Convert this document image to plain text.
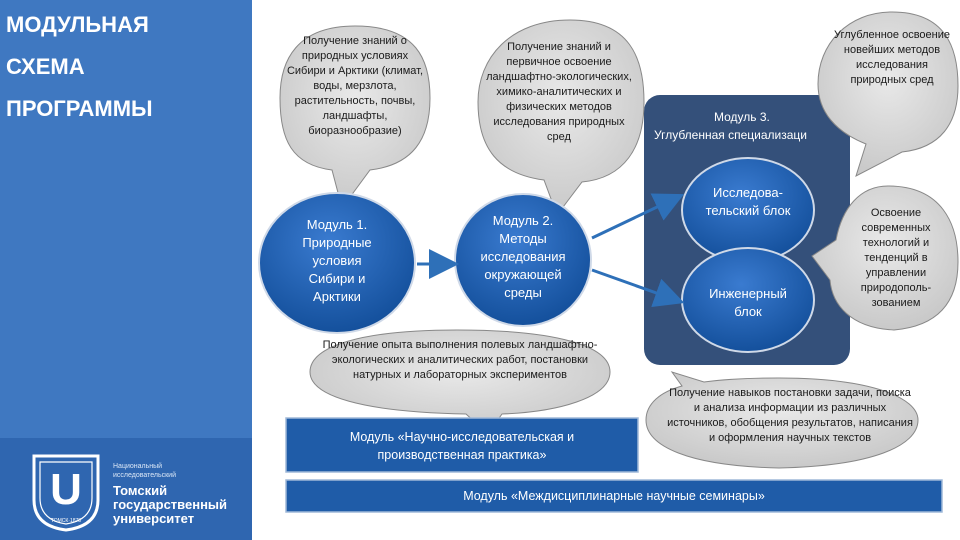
МОДУЛЬНАЯ
СХЕМА
ПРОГРАММЫ
U
ТОМСК·1878
Национальный
исследовательский
Томский
государственный
университет
Получение знаний о природных условиях Сибири и Арктики (климат, воды, мерзлота, растительность, почвы, ландшафты, биоразнообразие)
Получение знаний и первичное освоение ландшафтно-экологических, химико-аналитических и физических методов исследования природных сред
Углубленное освоение новейших методов исследования природных сред
Освоение современных технологий и тенденций в управлении природополь-зованием
Получение опыта выполнения полевых ландшафтно-экологических и аналитических работ, постановки натурных и лабораторных экспериментов
Получение навыков постановки задачи, поиска и анализа информации из различных источников, обобщения результатов, написания и оформления научных текстов
Модуль 1. Природные условия Сибири и Арктики
Модуль 2. Методы исследования окружающей среды
Исследова-тельский блок
Инженерный блок
Модуль 3.
Углубленная специализаци
Модуль «Научно-исследовательская и производственная практика»
Модуль «Междисциплинарные научные семинары»
